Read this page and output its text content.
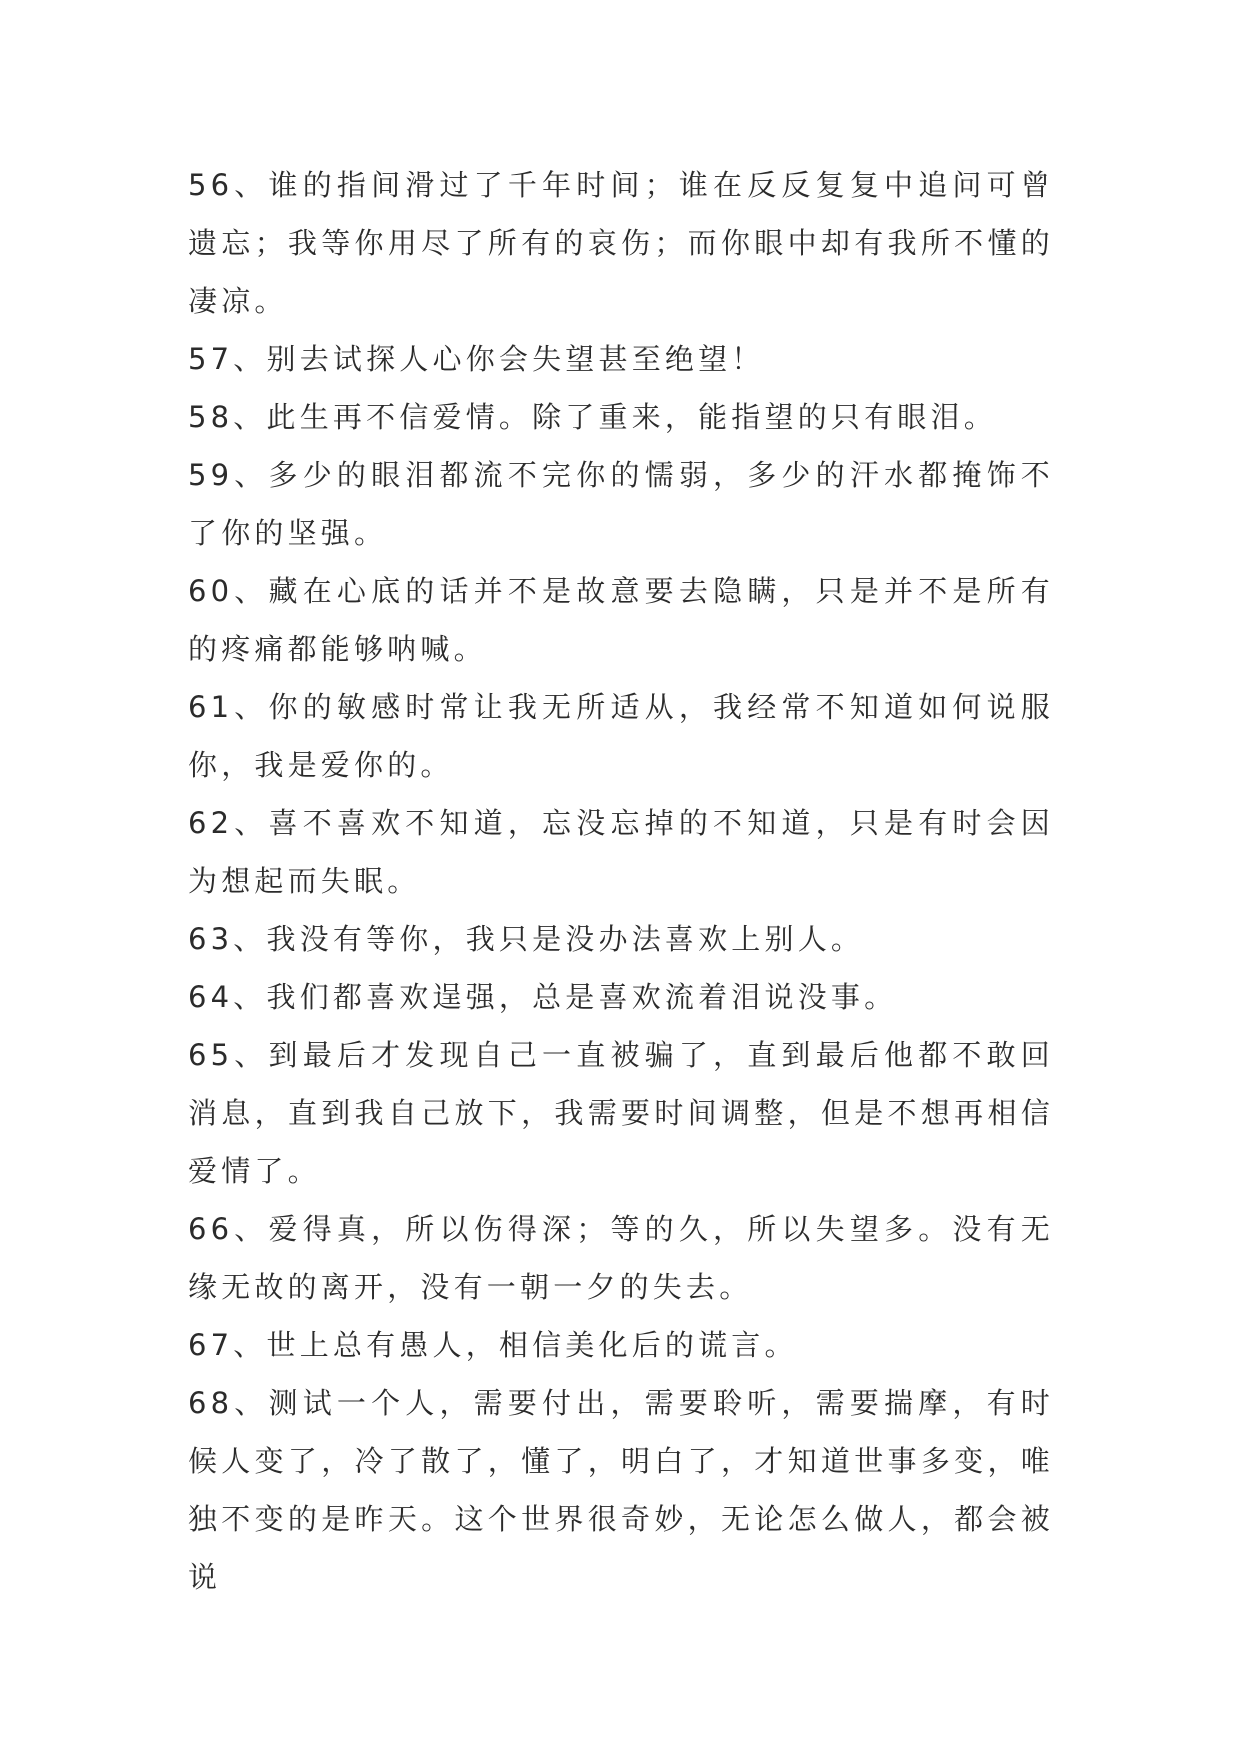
56、谁的指间滑过了千年时间；谁在反反复复中追问可曾遗忘；我等你用尽了所有的哀伤；而你眼中却有我所不懂的凄凉。

57、别去试探人心你会失望甚至绝望！

58、此生再不信爱情。除了重来，能指望的只有眼泪。

59、多少的眼泪都流不完你的懦弱，多少的汗水都掩饰不了你的坚强。

60、藏在心底的话并不是故意要去隐瞒，只是并不是所有的疼痛都能够呐喊。

61、你的敏感时常让我无所适从，我经常不知道如何说服你，我是爱你的。

62、喜不喜欢不知道，忘没忘掉的不知道，只是有时会因为想起而失眠。

63、我没有等你，我只是没办法喜欢上别人。

64、我们都喜欢逞强，总是喜欢流着泪说没事。

65、到最后才发现自己一直被骗了，直到最后他都不敢回消息，直到我自己放下，我需要时间调整，但是不想再相信爱情了。

66、爱得真，所以伤得深；等的久，所以失望多。没有无缘无故的离开，没有一朝一夕的失去。

67、世上总有愚人，相信美化后的谎言。

68、测试一个人，需要付出，需要聆听，需要揣摩，有时候人变了，冷了散了，懂了，明白了，才知道世事多变，唯独不变的是昨天。这个世界很奇妙，无论怎么做人，都会被说
